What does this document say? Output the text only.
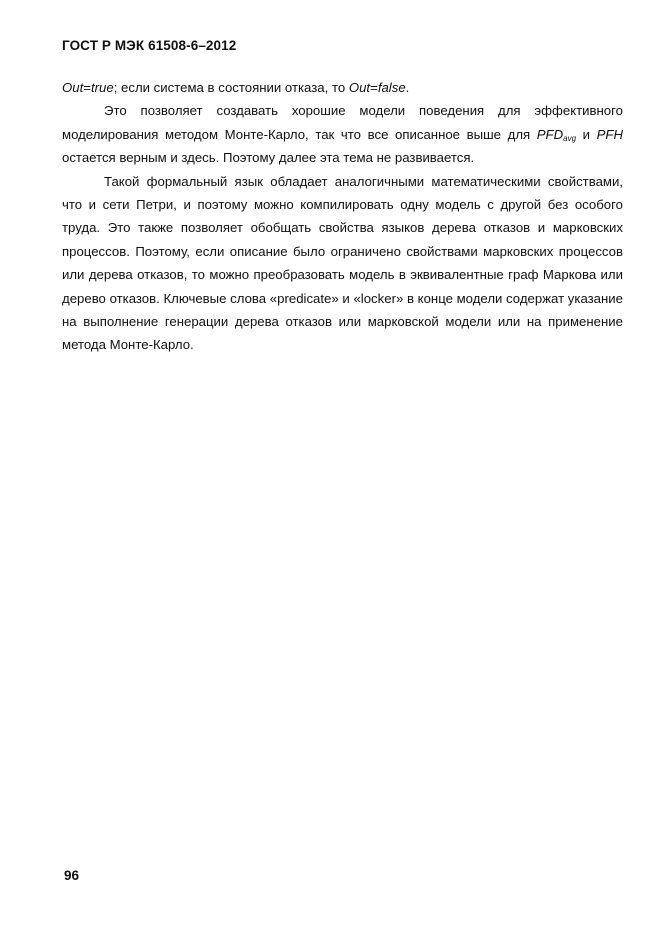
ГОСТ Р МЭК 61508-6–2012

Out=true; если система в состоянии отказа, то Out=false.

Это позволяет создавать хорошие модели поведения для эффективного моделирования методом Монте-Карло, так что все описанное выше для $PFD_{avg}$ и PFH остается верным и здесь. Поэтому далее эта тема не развивается.

Такой формальный язык обладает аналогичными математическими свойствами, что и сети Петри, и поэтому можно компилировать одну модель с другой без особого труда. Это также позволяет обобщать свойства языков дерева отказов и марковских процессов. Поэтому, если описание было ограничено свойствами марковских процессов или дерева отказов, то можно преобразовать модель в эквивалентные граф Маркова или дерево отказов. Ключевые слова «predicate» и «locker» в конце модели содержат указание на выполнение генерации дерева отказов или марковской модели или на применение метода Монте-Карло.

96
